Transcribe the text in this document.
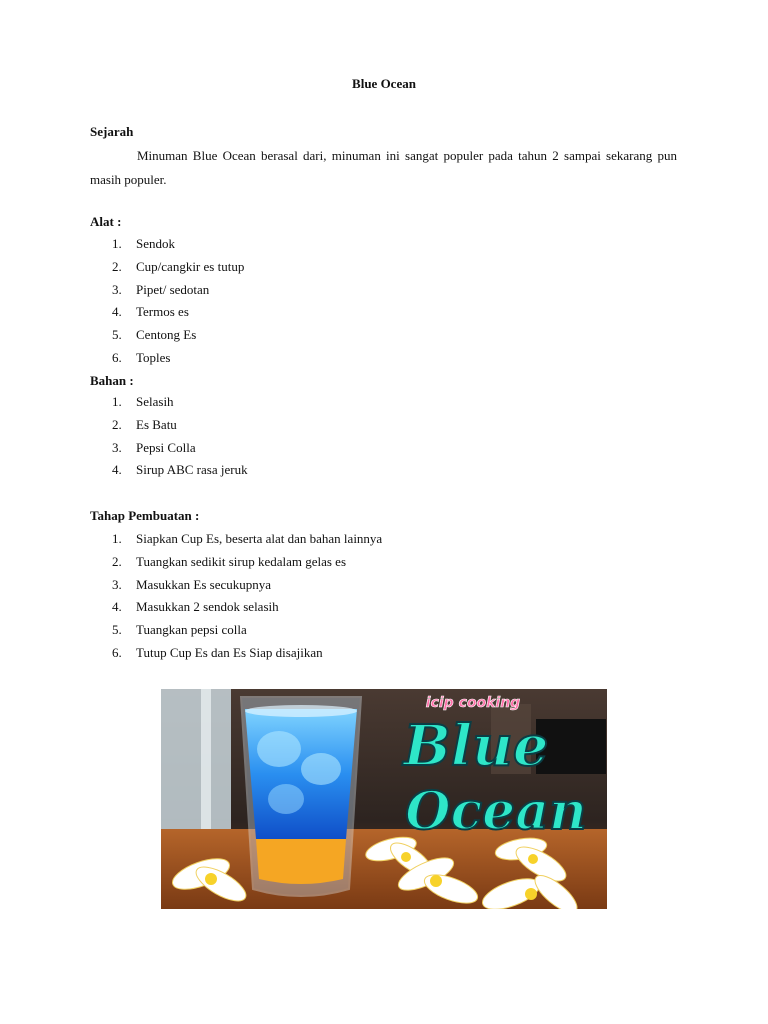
Blue Ocean
Sejarah

Minuman Blue Ocean berasal dari, minuman ini sangat populer pada tahun 2 sampai sekarang pun masih populer.

Alat :
1. Sendok
2. Cup/cangkir es tutup
3. Pipet/ sedotan
4. Termos es
5. Centong Es
6. Toples
Bahan :
1. Selasih
2. Es Batu
3. Pepsi Colla
4. Sirup ABC rasa jeruk
Tahap Pembuatan :
1. Siapkan Cup Es, beserta alat dan bahan lainnya
2. Tuangkan sedikit sirup kedalam gelas es
3. Masukkan Es secukupnya
4. Masukkan 2 sendok selasih
5. Tuangkan pepsi colla
6. Tutup Cup Es dan Es Siap disajikan
icip cooking
Blue
Ocean
